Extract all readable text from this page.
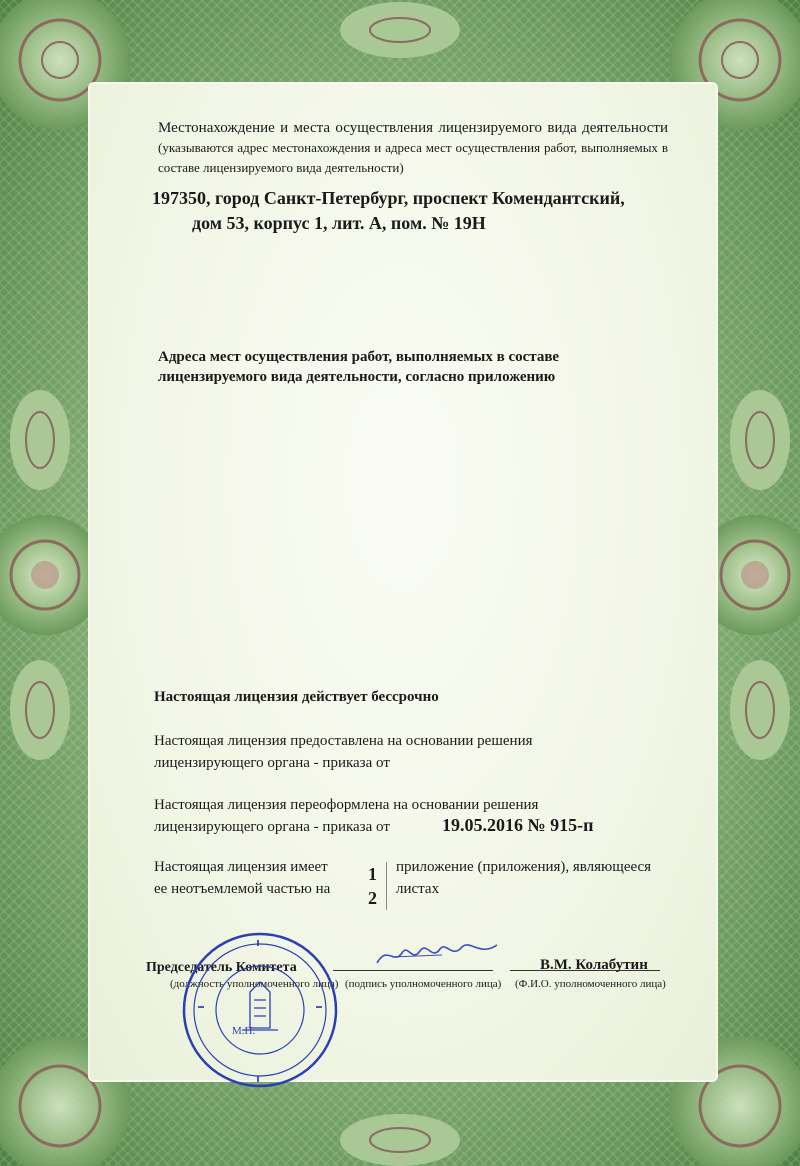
Местонахождение и места осуществления лицензируемого вида деятельности (указываются адрес местонахождения и адреса мест осуществления работ, выполняемых в составе лицензируемого вида деятельности)
197350, город Санкт-Петербург, проспект Комендантский,
дом 53, корпус 1, лит. А, пом. № 19Н
Адреса мест осуществления работ, выполняемых в составе
лицензируемого вида деятельности, согласно приложению
Настоящая лицензия действует бессрочно
Настоящая лицензия предоставлена на основании решения
лицензирующего органа - приказа от
Настоящая лицензия переоформлена на основании решения
лицензирующего органа - приказа от	19.05.2016 № 915-п
Настоящая лицензия имеет
ее неотъемлемой частью на
1
2
приложение (приложения), являющееся
листах
Председатель Комитета	В.М. Колабутин
(должность уполномоченного лица) (подпись уполномоченного лица) (Ф.И.О. уполномоченного лица)
М.П.
